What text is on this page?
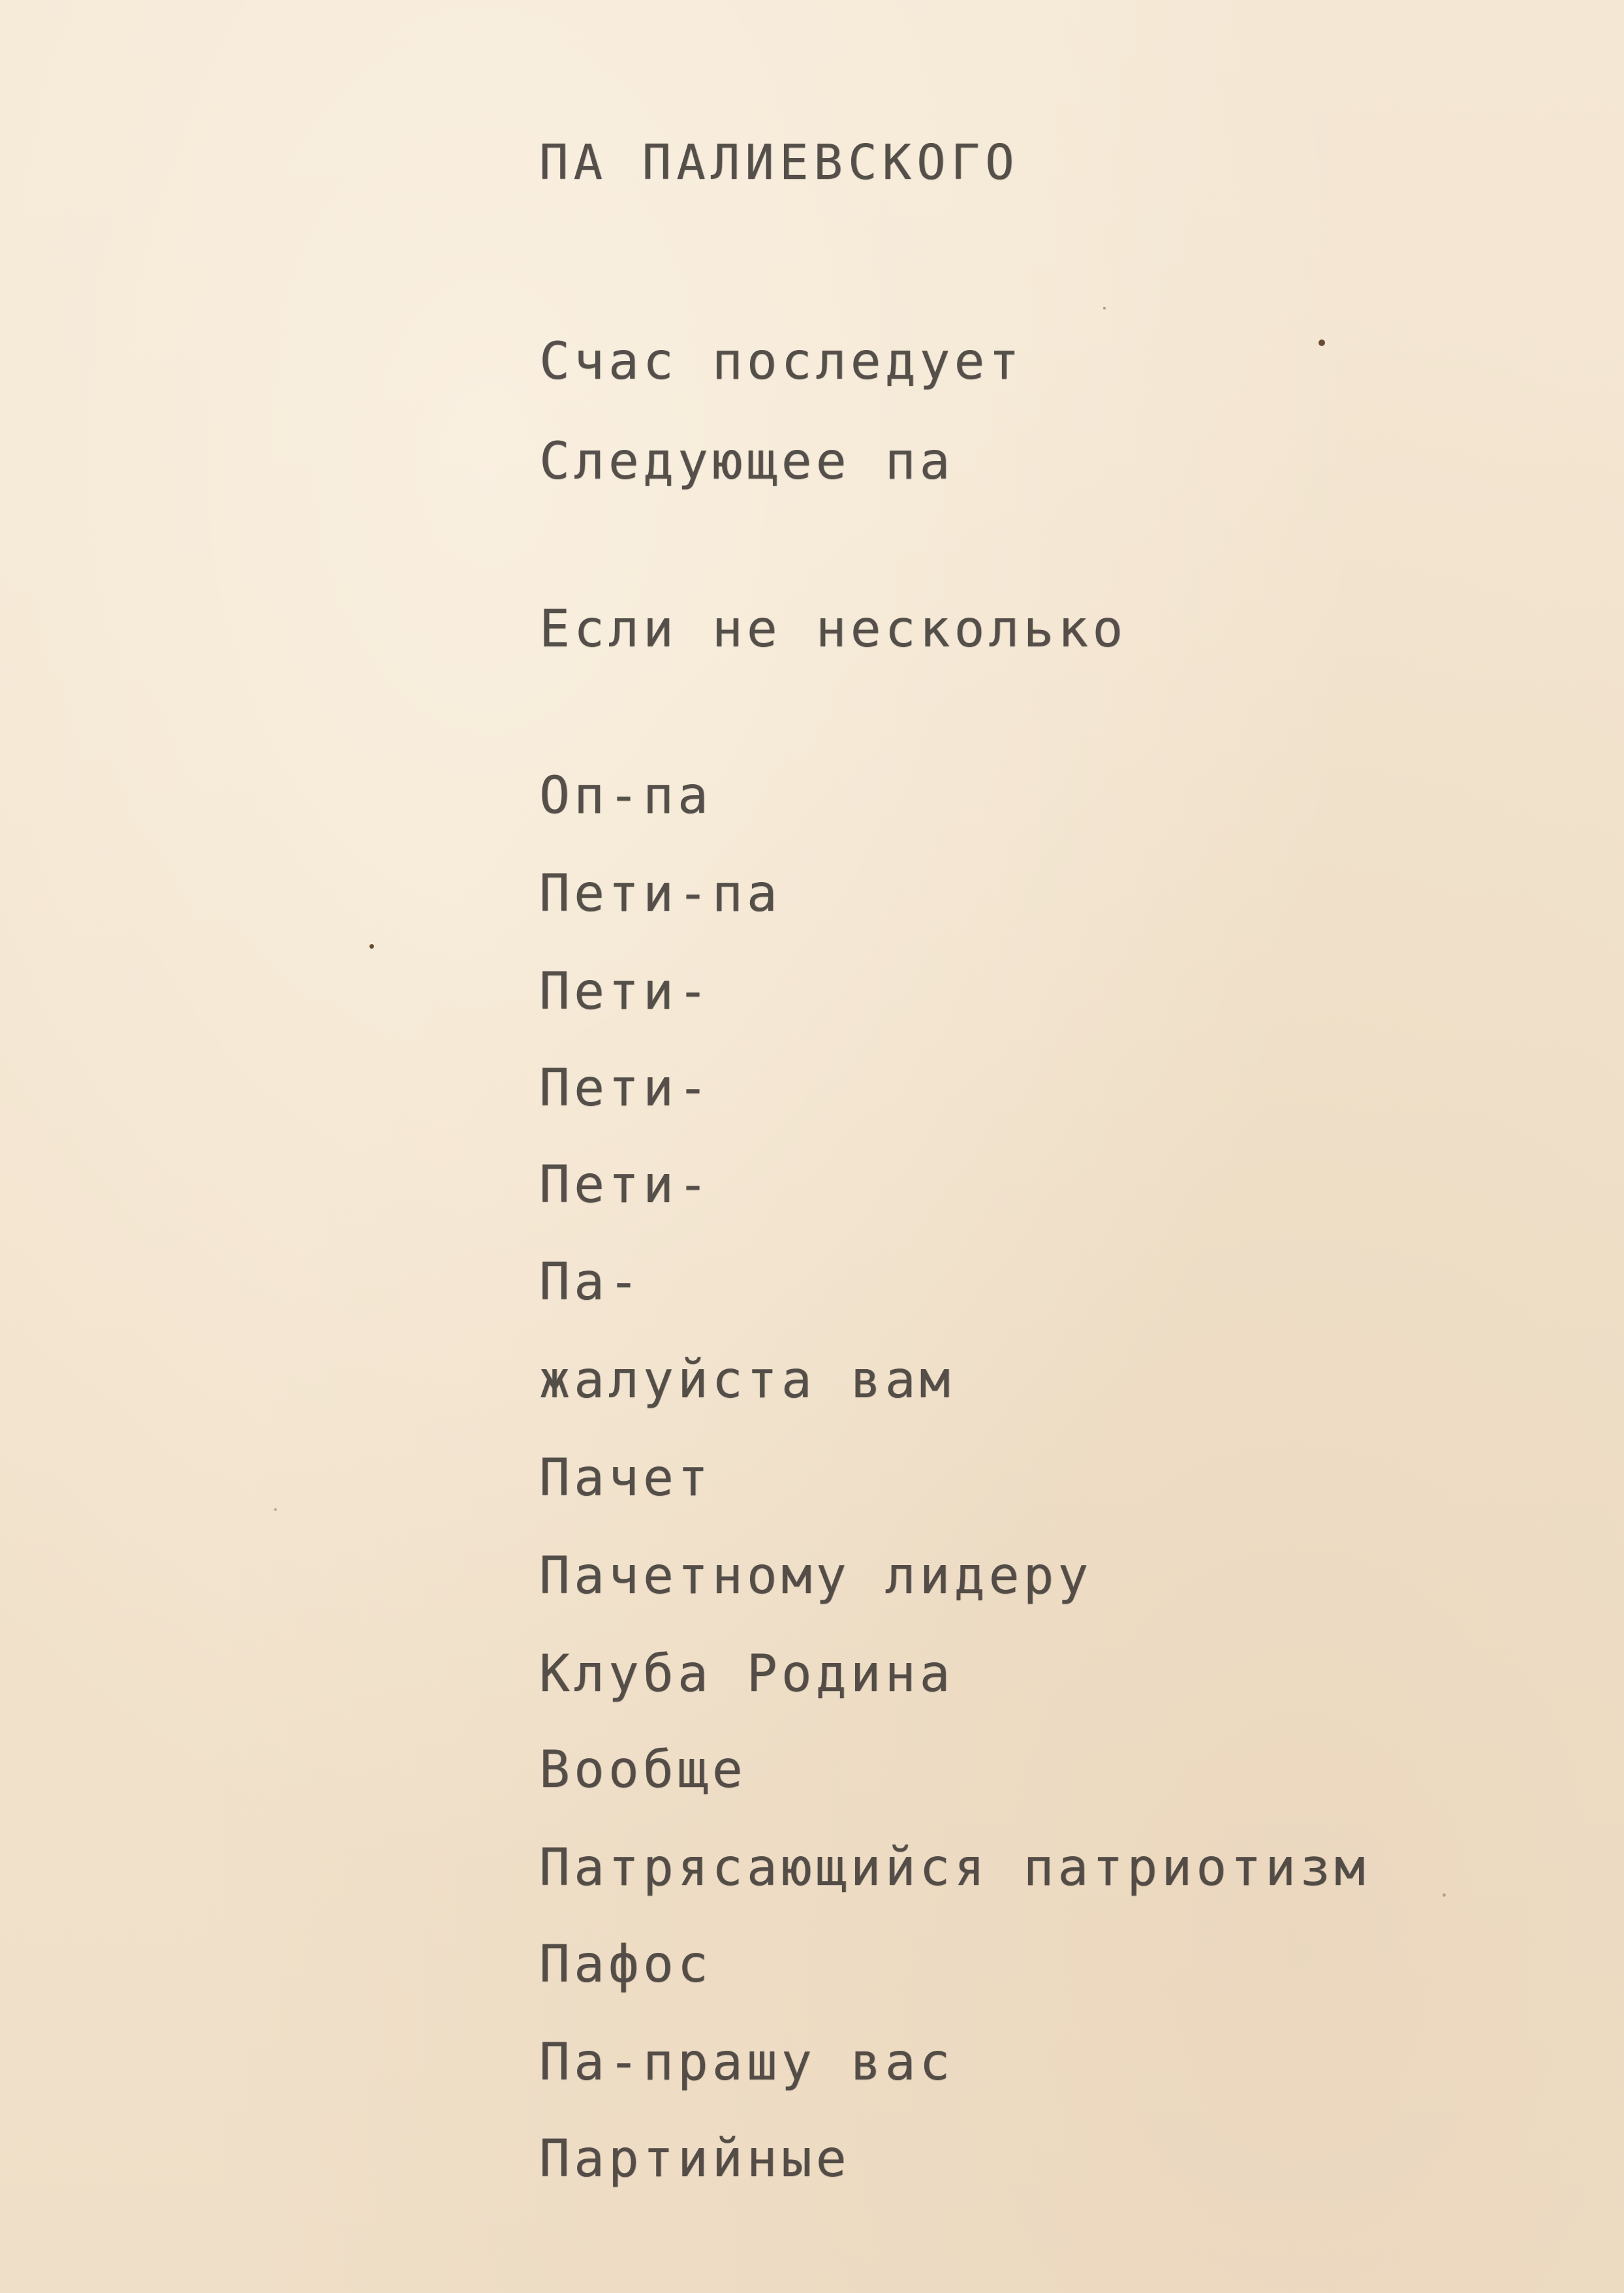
ПА ПАЛИЕВСКОГО
Счас последует
Следующее па
Если не несколько
Оп-па
Пети-па
Пети-
Пети-
Пети-
Па-
жалуйста вам
Пачет
Пачетному лидеру
Клуба Родина
Вообще
Патрясающийся патриотизм
Пафос
Па-прашу вас
Партийные
